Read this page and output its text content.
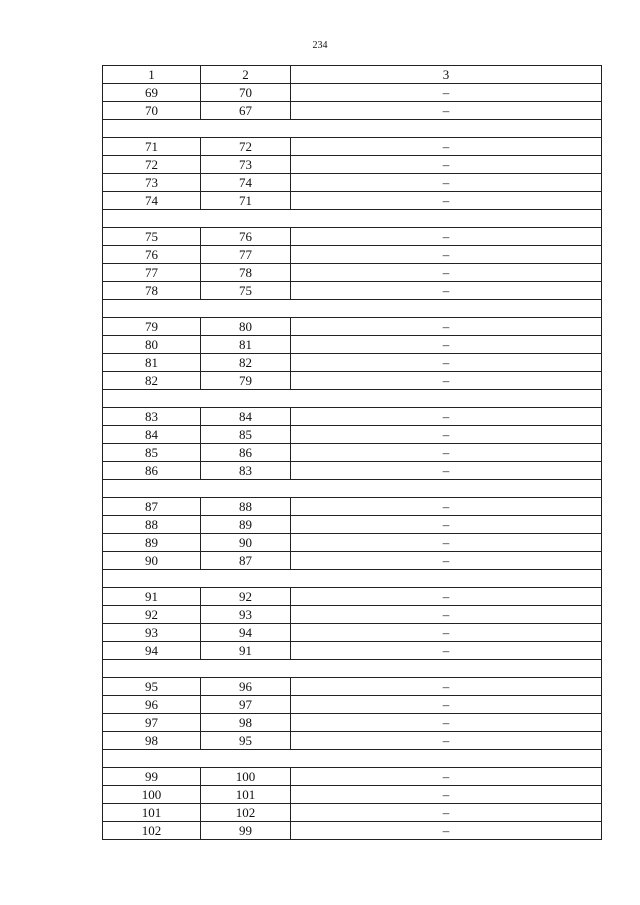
234
1	2	3
69	70	–
70	67	–

71	72	–
72	73	–
73	74	–
74	71	–

75	76	–
76	77	–
77	78	–
78	75	–

79	80	–
80	81	–
81	82	–
82	79	–

83	84	–
84	85	–
85	86	–
86	83	–

87	88	–
88	89	–
89	90	–
90	87	–

91	92	–
92	93	–
93	94	–
94	91	–

95	96	–
96	97	–
97	98	–
98	95	–

99	100	–
100	101	–
101	102	–
102	99	–
